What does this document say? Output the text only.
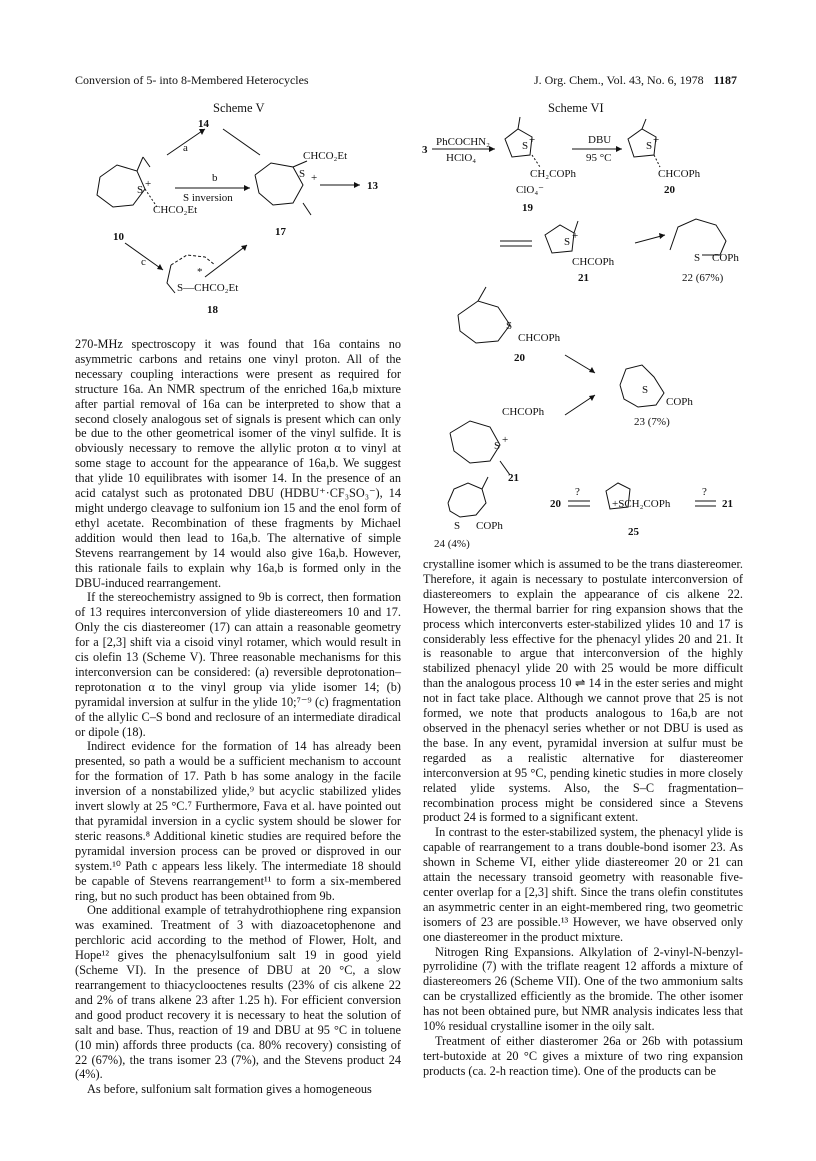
Conversion of 5- into 8-Membered Heterocycles	J. Org. Chem., Vol. 43, No. 6, 1978 1187
Scheme V
14
a
b
S inversion
S +
CHCO₂Et
S +
CHCO₂Et
13
10	17
c
*
S—CHCO₂Et
18
Scheme VI
3
PhCOCHN₂
HClO₄
S +
CH₂COPh
ClO₄⁻
19
DBU
95 °C
S +
CHCOPh
20
S +
CHCOPh
21
S COPh
22 (67%)
S
CHCOPh
20
S
COPh
23 (7%)
S +
CHCOPh
21
S COPh
24 (4%)
?
20	+SCH₂COPh
?
21
25

270-MHz spectroscopy it was found that 16a contains no asymmetric carbons and retains one vinyl proton. All of the necessary coupling interactions were present as required for structure 16a. An NMR spectrum of the enriched 16a,b mixture after partial removal of 16a can be interpreted to show that a second closely analogous set of signals is present which can only be due to the other geometrical isomer of the vinyl sulfide. It is obviously necessary to remove the allylic proton α to vinyl at some stage to account for the appearance of 16a,b. We suggest that ylide 10 equilibrates with isomer 14. In the presence of an acid catalyst such as protonated DBU (HDBU⁺·CF₃SO₃⁻), 14 might undergo cleavage to sulfonium ion 15 and the enol form of ethyl acetate. Recombination of these fragments by Michael addition would then lead to 16a,b. The alternative of simple Stevens rearrangement by 14 would also give 16a,b. However, this rationale fails to explain why 16a,b is formed only in the DBU-induced rearrangement.

If the stereochemistry assigned to 9b is correct, then formation of 13 requires interconversion of ylide diastereomers 10 and 17. Only the cis diastereomer (17) can attain a reasonable geometry for a [2,3] shift via a cisoid vinyl rotamer, which would result in cis olefin 13 (Scheme V). Three reasonable mechanisms for this interconversion can be considered: (a) reversible deprotonation–reprotonation α to the vinyl group via ylide isomer 14; (b) pyramidal inversion at sulfur in the ylide 10;⁷⁻⁹ (c) fragmentation of the allylic C–S bond and reclosure of an intermediate diradical or dipole (18).

Indirect evidence for the formation of 14 has already been presented, so path a would be a sufficient mechanism to account for the formation of 17. Path b has some analogy in the facile inversion of a nonstabilized ylide,⁹ but acyclic stabilized ylides invert slowly at 25 °C.⁷ Furthermore, Fava et al. have pointed out that pyramidal inversion in a cyclic system should be slower for steric reasons.⁸ Additional kinetic studies are required before the pyramidal inversion process can be proved or disproved in our system.¹⁰ Path c appears less likely. The intermediate 18 should be capable of Stevens rearrangement¹¹ to form a six-membered ring, but no such product has been obtained from 9b.

One additional example of tetrahydrothiophene ring expansion was examined. Treatment of 3 with diazoacetophenone and perchloric acid according to the method of Flower, Holt, and Hope¹² gives the phenacylsulfonium salt 19 in good yield (Scheme VI). In the presence of DBU at 20 °C, a slow rearrangement to thiacyclooctenes results (23% of cis alkene 22 and 2% of trans alkene 23 after 1.25 h). For efficient conversion and good product recovery it is necessary to heat the solution of salt and base. Thus, reaction of 19 and DBU at 95 °C in toluene (10 min) affords three products (ca. 80% recovery) consisting of 22 (67%), the trans isomer 23 (7%), and the Stevens product 24 (4%).

As before, sulfonium salt formation gives a homogeneous

crystalline isomer which is assumed to be the trans diastereomer. Therefore, it again is necessary to postulate interconversion of diastereomers to explain the appearance of cis alkene 22. However, the thermal barrier for ring expansion shows that the process which interconverts ester-stabilized ylides 10 and 17 is considerably less effective for the phenacyl ylides 20 and 21. It is reasonable to argue that interconversion of the highly stabilized phenacyl ylide 20 with 25 would be more difficult than the analogous process 10 ⇌ 14 in the ester series and might not in fact take place. Although we cannot prove that 25 is not formed, we note that products analogous to 16a,b are not observed in the phenacyl series whether or not DBU is used as the base. In any event, pyramidal inversion at sulfur must be regarded as a realistic alternative for diastereomer interconversion at 95 °C, pending kinetic studies in more closely related ylide systems. Also, the S–C fragmentation–recombination process might be considered since a Stevens product 24 is formed to a significant extent.

In contrast to the ester-stabilized system, the phenacyl ylide is capable of rearrangement to a trans double-bond isomer 23. As shown in Scheme VI, either ylide diastereomer 20 or 21 can attain the necessary transoid geometry with reasonable five-center overlap for a [2,3] shift. Since the trans olefin constitutes an asymmetric center in an eight-membered ring, two geometric isomers of 23 are possible.¹³ However, we have observed only one diastereomer in the product mixture.

Nitrogen Ring Expansions. Alkylation of 2-vinyl-N-benzyl-pyrrolidine (7) with the triflate reagent 12 affords a mixture of diastereomers 26 (Scheme VII). One of the two ammonium salts can be crystallized efficiently as the bromide. The other isomer has not been obtained pure, but NMR analysis indicates less that 10% residual crystalline isomer in the oily salt.

Treatment of either diasteromer 26a or 26b with potassium tert-butoxide at 20 °C gives a mixture of two ring expansion products (ca. 2-h reaction time). One of the products can be
